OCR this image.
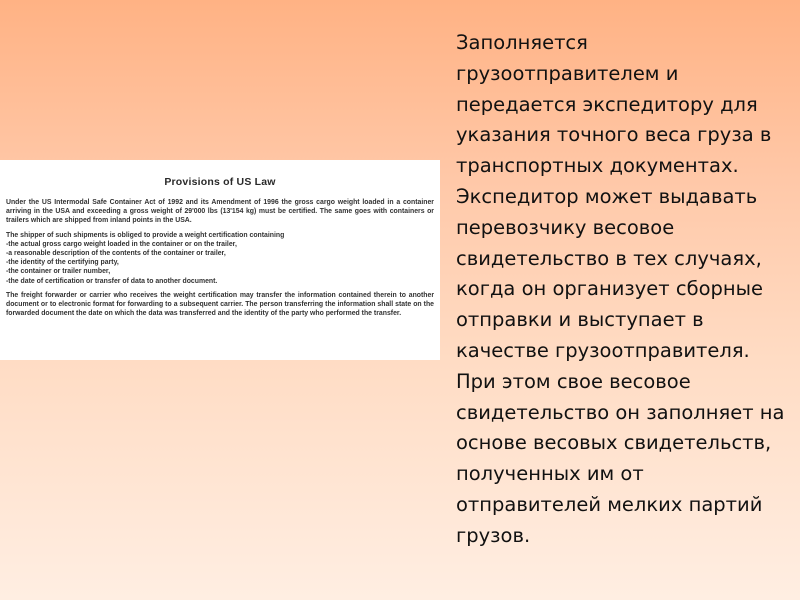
Provisions of US Law

Under the US Intermodal Safe Container Act of 1992 and its Amendment of 1996 the gross cargo weight loaded in a container arriving in the USA and exceeding a gross weight of 29'000 lbs (13'154 kg) must be certified. The same goes with containers or trailers which are shipped from inland points in the USA.

The shipper of such shipments is obliged to provide a weight certification containing

-the actual gross cargo weight loaded in the container or on the trailer,
-a reasonable description of the contents of the container or trailer,
-the identity of the certifying party,
-the container or trailer number,
-the date of certification or transfer of data to another document.

The freight forwarder or carrier who receives the weight certification may transfer the information contained therein to another document or to electronic format for forwarding to a subsequent carrier. The person transferring the information shall state on the forwarded document the date on which the data was transferred and the identity of the party who performed the transfer.

Заполняется грузоотправителем и передается экспедитору для указания точного веса груза в транспортных документах. Экспедитор может выдавать перевозчику весовое свидетельство в тех случаях, когда он организует сборные отправки и выступает в качестве грузоотправителя. При этом свое весовое свидетельство он заполняет на основе весовых свидетельств, полученных им от отправителей мелких партий грузов.
